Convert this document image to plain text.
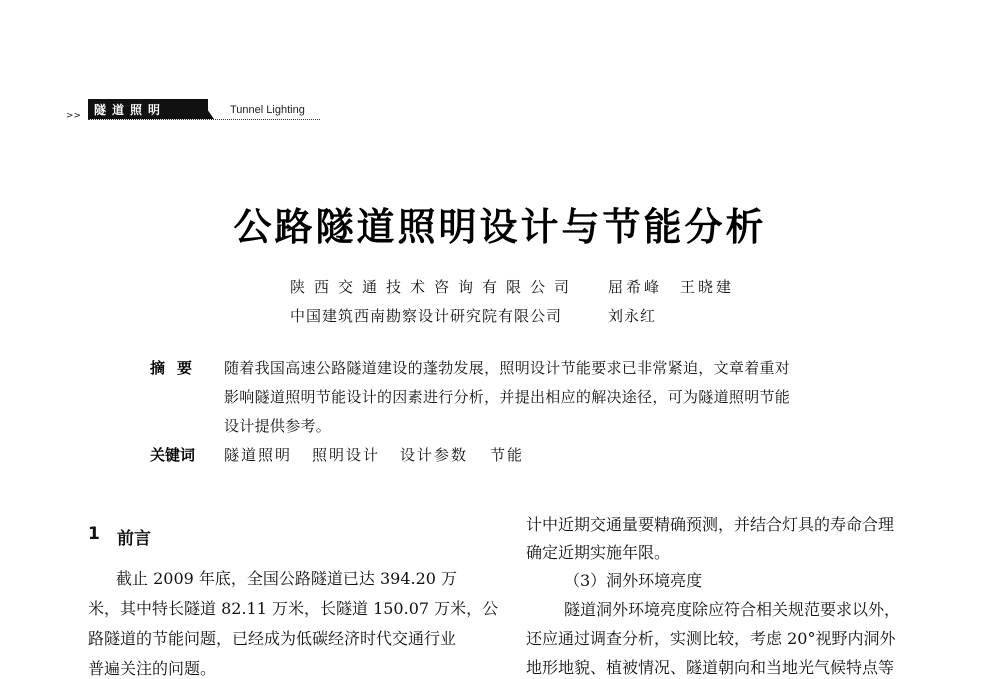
>> 隧道照明	Tunnel Lighting
公路隧道照明设计与节能分析
陕西交通技术咨询有限公司 屈希峰　王晓建
中国建筑西南勘察设计研究院有限公司	刘永红
摘要 随着我国高速公路隧道建设的蓬勃发展，照明设计节能要求已非常紧迫，文章着重对
影响隧道照明节能设计的因素进行分析，并提出相应的解决途径，可为隧道照明节能
设计提供参考。
关键词 隧道照明 照明设计 设计参数 节能
1 前言
截止 2009 年底，全国公路隧道已达 394.20 万
米，其中特长隧道 82.11 万米，长隧道 150.07 万米，公
路隧道的节能问题，已经成为低碳经济时代交通行业
普遍关注的问题。
计中近期交通量要精确预测，并结合灯具的寿命合理
确定近期实施年限。
（3）洞外环境亮度
隧道洞外环境亮度除应符合相关规范要求以外，
还应通过调查分析，实测比较，考虑 20°视野内洞外
地形地貌、植被情况、隧道朝向和当地光气候特点等
